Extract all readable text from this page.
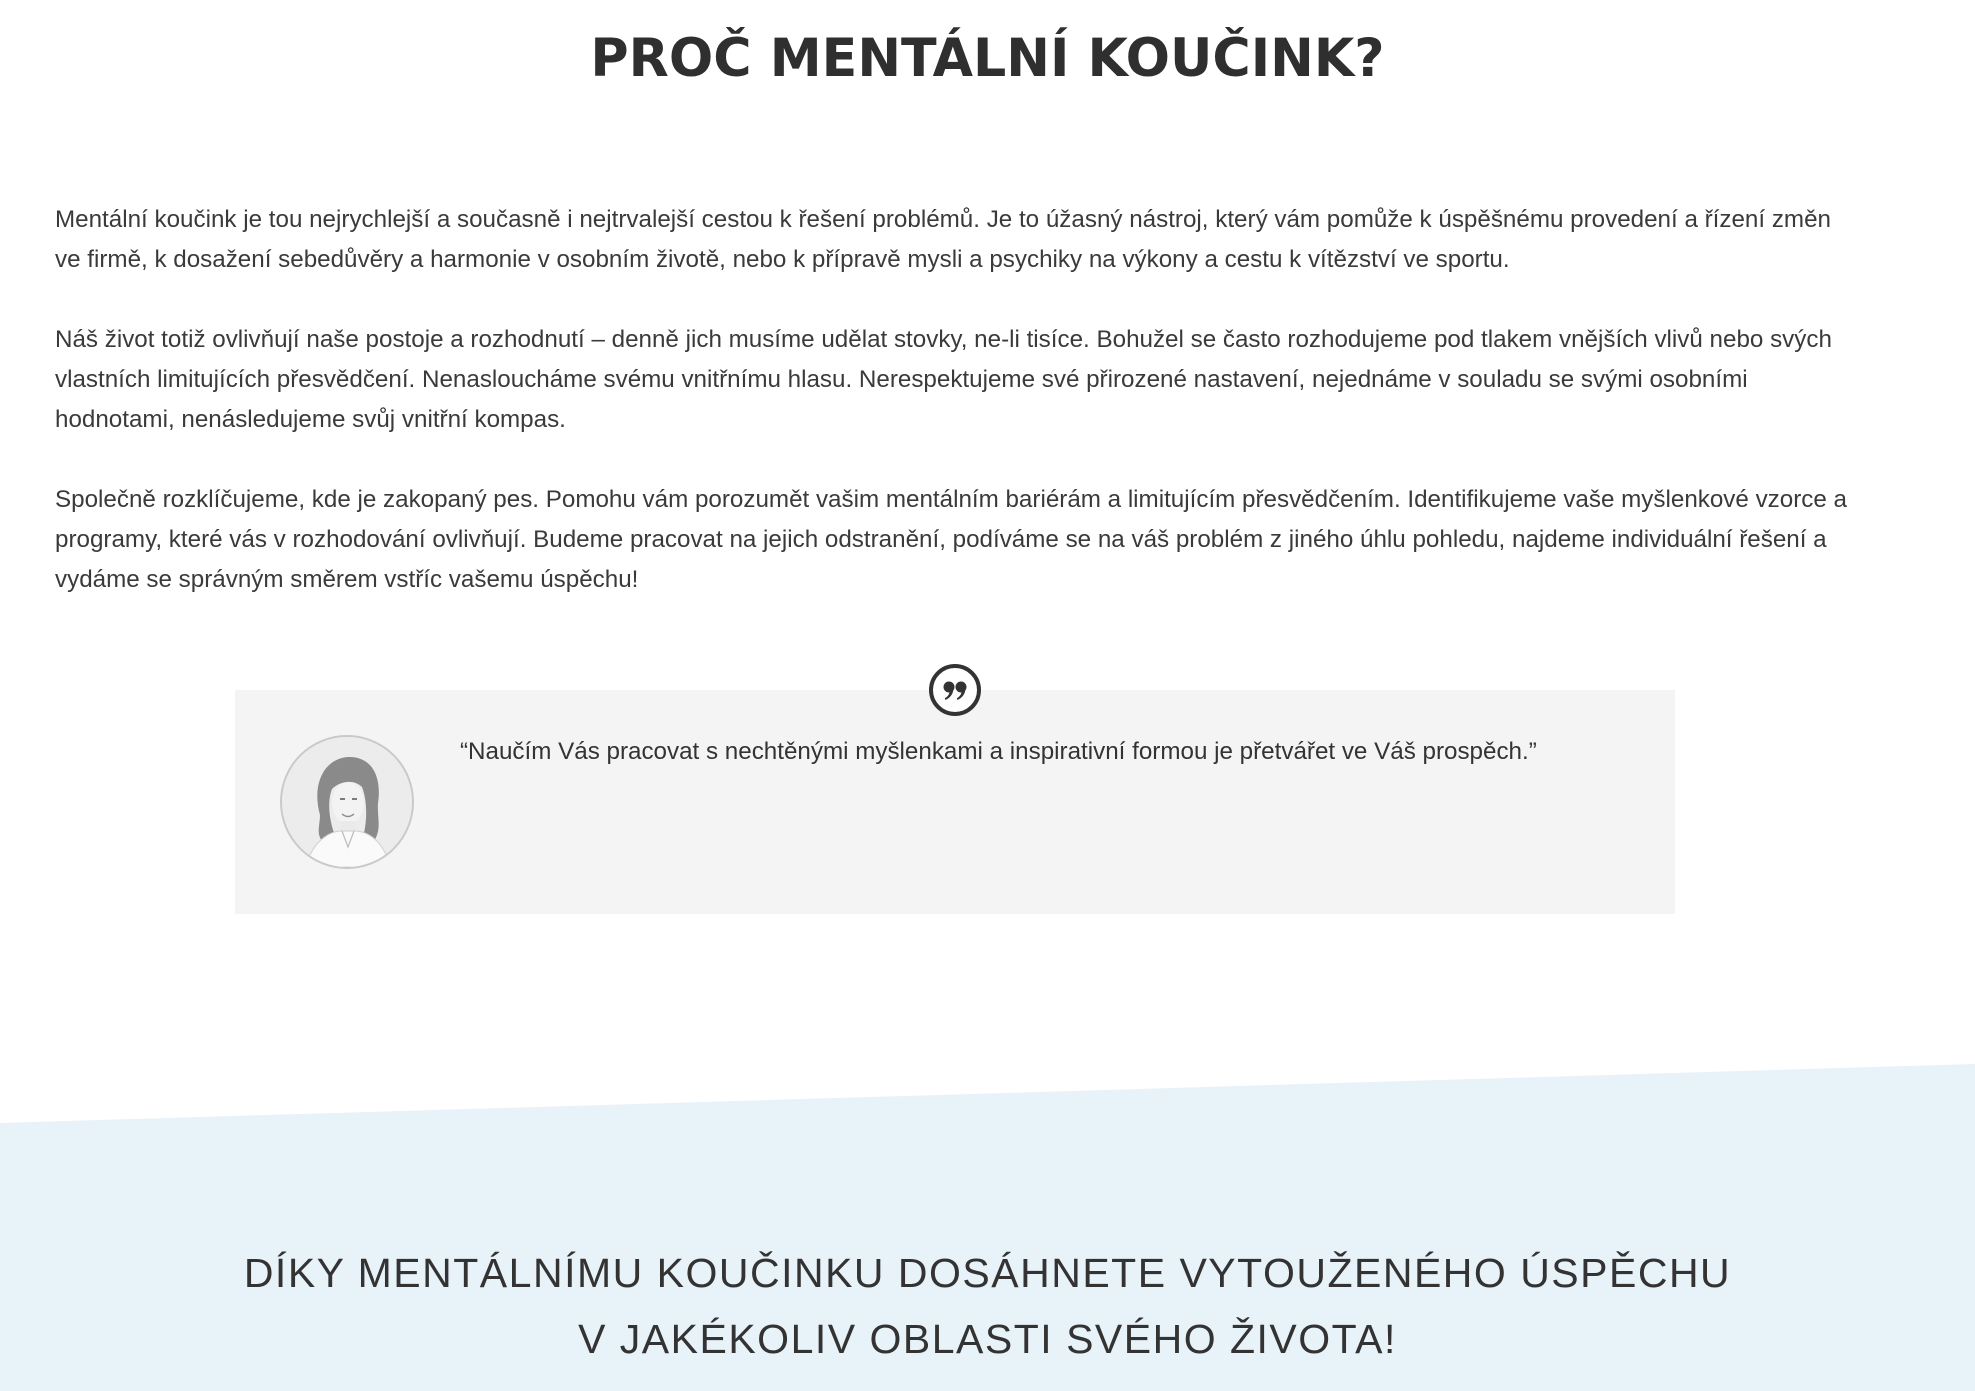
PROČ MENTÁLNÍ KOUČINK?

Mentální koučink je tou nejrychlejší a současně i nejtrvalejší cestou k řešení problémů. Je to úžasný nástroj, který vám pomůže k úspěšnému provedení a řízení změn ve firmě, k dosažení sebedůvěry a harmonie v osobním životě, nebo k přípravě mysli a psychiky na výkony a cestu k vítězství ve sportu.

Náš život totiž ovlivňují naše postoje a rozhodnutí – denně jich musíme udělat stovky, ne-li tisíce. Bohužel se často rozhodujeme pod tlakem vnějších vlivů nebo svých vlastních limitujících přesvědčení. Nenasloucháme svému vnitřnímu hlasu. Nerespektujeme své přirozené nastavení, nejednáme v souladu se svými osobními hodnotami, nenásledujeme svůj vnitřní kompas.

Společně rozklíčujeme, kde je zakopaný pes. Pomohu vám porozumět vašim mentálním bariérám a limitujícím přesvědčením. Identifikujeme vaše myšlenkové vzorce a programy, které vás v rozhodování ovlivňují. Budeme pracovat na jejich odstranění, podíváme se na váš problém z jiného úhlu pohledu, najdeme individuální řešení a vydáme se správným směrem vstříc vašemu úspěchu!

“Naučím Vás pracovat s nechtěnými myšlenkami a inspirativní formou je přetvářet ve Váš prospěch.”

DÍKY MENTÁLNÍMU KOUČINKU DOSÁHNETE VYTOUŽENÉHO ÚSPĚCHU
V JAKÉKOLIV OBLASTI SVÉHO ŽIVOTA!
